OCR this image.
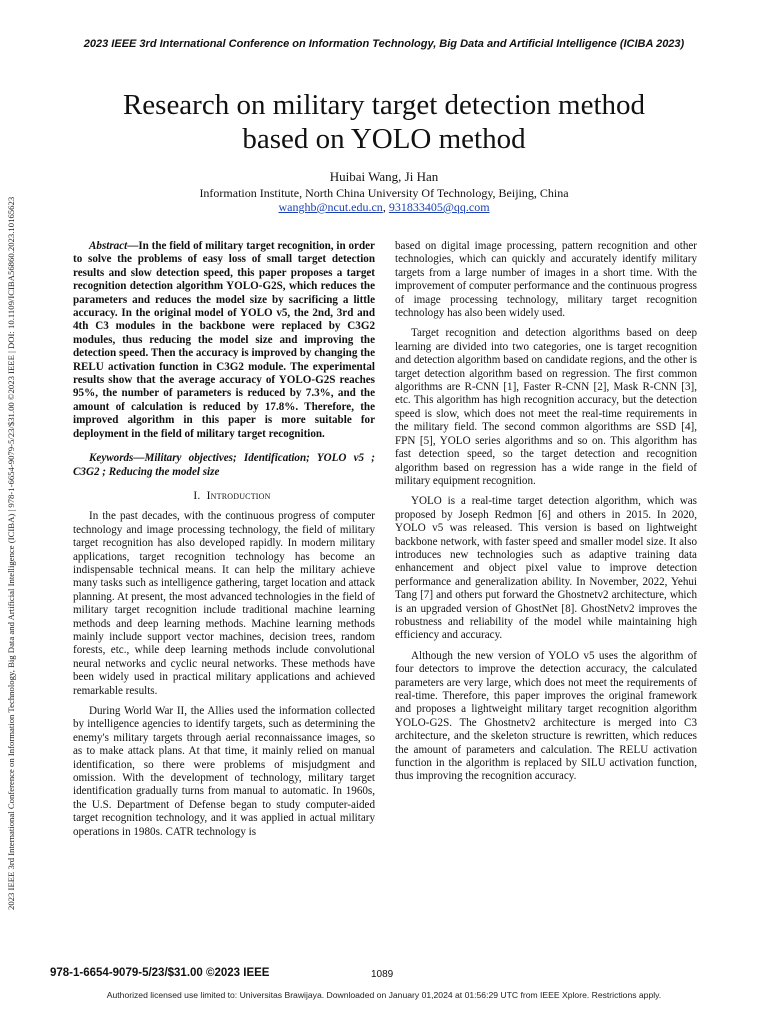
2023 IEEE 3rd International Conference on Information Technology, Big Data and Artificial Intelligence (ICIBA 2023)
2023 IEEE 3rd International Conference on Information Technology, Big Data and Artificial Intelligence (ICIBA) | 978-1-6654-9079-5/23/$31.00 ©2023 IEEE | DOI: 10.1109/ICIBA56860.2023.10165623
Research on military target detection method
based on YOLO method
Huibai Wang, Ji Han
Information Institute, North China University Of Technology, Beijing, China
wanghb@ncut.edu.cn, 931833405@qq.com

Abstract—In the field of military target recognition, in order to solve the problems of easy loss of small target detection results and slow detection speed, this paper proposes a target recognition detection algorithm YOLO-G2S, which reduces the parameters and reduces the model size by sacrificing a little accuracy. In the original model of YOLO v5, the 2nd, 3rd and 4th C3 modules in the backbone were replaced by C3G2 modules, thus reducing the model size and improving the detection speed. Then the accuracy is improved by changing the RELU activation function in C3G2 module. The experimental results show that the average accuracy of YOLO-G2S reaches 95%, the number of parameters is reduced by 7.3%, and the amount of calculation is reduced by 17.8%. Therefore, the improved algorithm in this paper is more suitable for deployment in the field of military target recognition.

Keywords—Military objectives; Identification; YOLO v5 ; C3G2 ; Reducing the model size

I. Introduction

In the past decades, with the continuous progress of computer technology and image processing technology, the field of military target recognition has also developed rapidly. In modern military applications, target recognition technology has become an indispensable technical means. It can help the military achieve many tasks such as intelligence gathering, target location and attack planning. At present, the most advanced technologies in the field of military target recognition include traditional machine learning methods and deep learning methods. Machine learning methods mainly include support vector machines, decision trees, random forests, etc., while deep learning methods include convolutional neural networks and cyclic neural networks. These methods have been widely used in practical military applications and achieved remarkable results.

During World War II, the Allies used the information collected by intelligence agencies to identify targets, such as determining the enemy's military targets through aerial reconnaissance images, so as to make attack plans. At that time, it mainly relied on manual identification, so there were problems of misjudgment and omission. With the development of technology, military target identification gradually turns from manual to automatic. In 1960s, the U.S. Department of Defense began to study computer-aided target recognition technology, and it was applied in actual military operations in 1980s. CATR technology is

based on digital image processing, pattern recognition and other technologies, which can quickly and accurately identify military targets from a large number of images in a short time. With the improvement of computer performance and the continuous progress of image processing technology, military target recognition technology has also been widely used.

Target recognition and detection algorithms based on deep learning are divided into two categories, one is target recognition and detection algorithm based on candidate regions, and the other is target detection algorithm based on regression. The first common algorithms are R-CNN [1], Faster R-CNN [2], Mask R-CNN [3], etc. This algorithm has high recognition accuracy, but the detection speed is slow, which does not meet the real-time requirements in the military field. The second common algorithms are SSD [4], FPN [5], YOLO series algorithms and so on. This algorithm has fast detection speed, so the target detection and recognition algorithm based on regression has a wide range in the field of military equipment recognition.

YOLO is a real-time target detection algorithm, which was proposed by Joseph Redmon [6] and others in 2015. In 2020, YOLO v5 was released. This version is based on lightweight backbone network, with faster speed and smaller model size. It also introduces new technologies such as adaptive training data enhancement and object pixel value to improve detection performance and generalization ability. In November, 2022, Yehui Tang [7] and others put forward the Ghostnetv2 architecture, which is an upgraded version of GhostNet [8]. GhostNetv2 improves the robustness and reliability of the model while maintaining high efficiency and accuracy.

Although the new version of YOLO v5 uses the algorithm of four detectors to improve the detection accuracy, the calculated parameters are very large, which does not meet the requirements of real-time. Therefore, this paper improves the original framework and proposes a lightweight military target recognition algorithm YOLO-G2S. The Ghostnetv2 architecture is merged into C3 architecture, and the skeleton structure is rewritten, which reduces the amount of parameters and calculation. The RELU activation function in the algorithm is replaced by SILU activation function, thus improving the recognition accuracy.

978-1-6654-9079-5/23/$31.00 ©2023 IEEE	1089
Authorized licensed use limited to: Universitas Brawijaya. Downloaded on January 01,2024 at 01:56:29 UTC from IEEE Xplore. Restrictions apply.
